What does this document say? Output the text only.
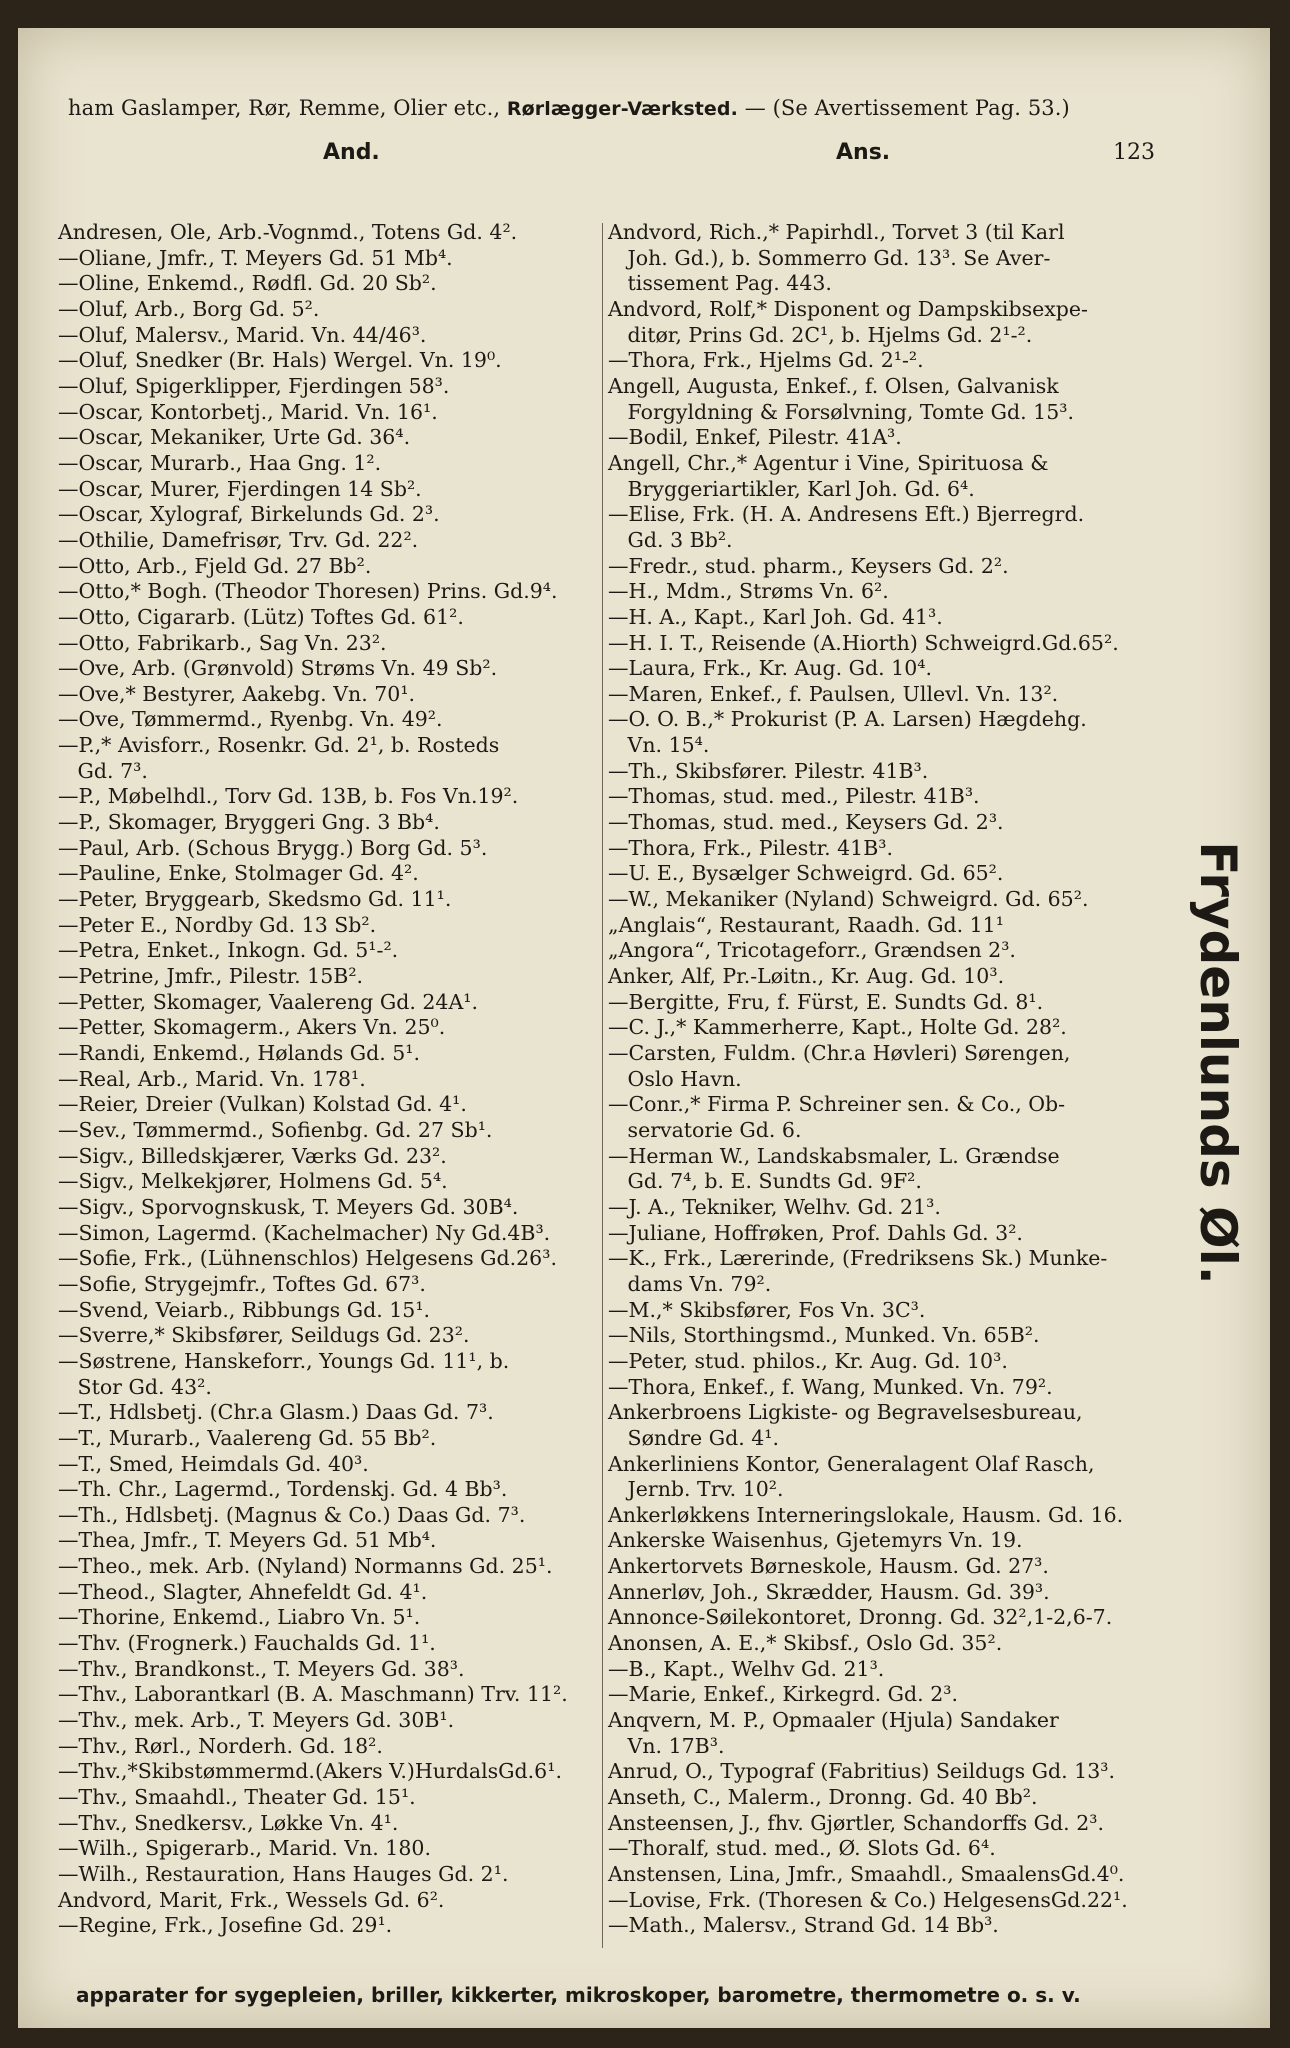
ham Gaslamper, Rør, Remme, Olier etc., Rørlægger-Værksted. — (Se Avertissement Pag. 53.)
And.	Ans.	123
Andresen, Ole, Arb.-Vognmd., Totens Gd. 4².
—Oliane, Jmfr., T. Meyers Gd. 51 Mb⁴.
—Oline, Enkemd., Rødfl. Gd. 20 Sb².
—Oluf, Arb., Borg Gd. 5².
—Oluf, Malersv., Marid. Vn. 44/46³.
—Oluf, Snedker (Br. Hals) Wergel. Vn. 19⁰.
—Oluf, Spigerklipper, Fjerdingen 58³.
—Oscar, Kontorbetj., Marid. Vn. 16¹.
—Oscar, Mekaniker, Urte Gd. 36⁴.
—Oscar, Murarb., Haa Gng. 1².
—Oscar, Murer, Fjerdingen 14 Sb².
—Oscar, Xylograf, Birkelunds Gd. 2³.
—Othilie, Damefrisør, Trv. Gd. 22².
—Otto, Arb., Fjeld Gd. 27 Bb².
—Otto,* Bogh. (Theodor Thoresen) Prins. Gd.9⁴.
—Otto, Cigararb. (Lütz) Toftes Gd. 61².
—Otto, Fabrikarb., Sag Vn. 23².
—Ove, Arb. (Grønvold) Strøms Vn. 49 Sb².
—Ove,* Bestyrer, Aakebg. Vn. 70¹.
—Ove, Tømmermd., Ryenbg. Vn. 49².
—P.,* Avisforr., Rosenkr. Gd. 2¹, b. Rosteds
Gd. 7³.
—P., Møbelhdl., Torv Gd. 13B, b. Fos Vn.19².
—P., Skomager, Bryggeri Gng. 3 Bb⁴.
—Paul, Arb. (Schous Brygg.) Borg Gd. 5³.
—Pauline, Enke, Stolmager Gd. 4².
—Peter, Bryggearb, Skedsmo Gd. 11¹.
—Peter E., Nordby Gd. 13 Sb².
—Petra, Enket., Inkogn. Gd. 5¹-².
—Petrine, Jmfr., Pilestr. 15B².
—Petter, Skomager, Vaalereng Gd. 24A¹.
—Petter, Skomagerm., Akers Vn. 25⁰.
—Randi, Enkemd., Hølands Gd. 5¹.
—Real, Arb., Marid. Vn. 178¹.
—Reier, Dreier (Vulkan) Kolstad Gd. 4¹.
—Sev., Tømmermd., Sofienbg. Gd. 27 Sb¹.
—Sigv., Billedskjærer, Værks Gd. 23².
—Sigv., Melkekjører, Holmens Gd. 5⁴.
—Sigv., Sporvognskusk, T. Meyers Gd. 30B⁴.
—Simon, Lagermd. (Kachelmacher) Ny Gd.4B³.
—Sofie, Frk., (Lühnenschlos) Helgesens Gd.26³.
—Sofie, Strygejmfr., Toftes Gd. 67³.
—Svend, Veiarb., Ribbungs Gd. 15¹.
—Sverre,* Skibsfører, Seildugs Gd. 23².
—Søstrene, Hanskeforr., Youngs Gd. 11¹, b.
Stor Gd. 43².
—T., Hdlsbetj. (Chr.a Glasm.) Daas Gd. 7³.
—T., Murarb., Vaalereng Gd. 55 Bb².
—T., Smed, Heimdals Gd. 40³.
—Th. Chr., Lagermd., Tordenskj. Gd. 4 Bb³.
—Th., Hdlsbetj. (Magnus & Co.) Daas Gd. 7³.
—Thea, Jmfr., T. Meyers Gd. 51 Mb⁴.
—Theo., mek. Arb. (Nyland) Normanns Gd. 25¹.
—Theod., Slagter, Ahnefeldt Gd. 4¹.
—Thorine, Enkemd., Liabro Vn. 5¹.
—Thv. (Frognerk.) Fauchalds Gd. 1¹.
—Thv., Brandkonst., T. Meyers Gd. 38³.
—Thv., Laborantkarl (B. A. Maschmann) Trv. 11².
—Thv., mek. Arb., T. Meyers Gd. 30B¹.
—Thv., Rørl., Norderh. Gd. 18².
—Thv.,*Skibstømmermd.(Akers V.)HurdalsGd.6¹.
—Thv., Smaahdl., Theater Gd. 15¹.
—Thv., Snedkersv., Løkke Vn. 4¹.
—Wilh., Spigerarb., Marid. Vn. 180.
—Wilh., Restauration, Hans Hauges Gd. 2¹.
Andvord, Marit, Frk., Wessels Gd. 6².
—Regine, Frk., Josefine Gd. 29¹.
Andvord, Rich.,* Papirhdl., Torvet 3 (til Karl
Joh. Gd.), b. Sommerro Gd. 13³. Se Aver-
tissement Pag. 443.
Andvord, Rolf,* Disponent og Dampskibsexpe-
ditør, Prins Gd. 2C¹, b. Hjelms Gd. 2¹-².
—Thora, Frk., Hjelms Gd. 2¹-².
Angell, Augusta, Enkef., f. Olsen, Galvanisk
Forgyldning & Forsølvning, Tomte Gd. 15³.
—Bodil, Enkef, Pilestr. 41A³.
Angell, Chr.,* Agentur i Vine, Spirituosa &
Bryggeriartikler, Karl Joh. Gd. 6⁴.
—Elise, Frk. (H. A. Andresens Eft.) Bjerregrd.
Gd. 3 Bb².
—Fredr., stud. pharm., Keysers Gd. 2².
—H., Mdm., Strøms Vn. 6².
—H. A., Kapt., Karl Joh. Gd. 41³.
—H. I. T., Reisende (A.Hiorth) Schweigrd.Gd.65².
—Laura, Frk., Kr. Aug. Gd. 10⁴.
—Maren, Enkef., f. Paulsen, Ullevl. Vn. 13².
—O. O. B.,* Prokurist (P. A. Larsen) Hægdehg.
Vn. 15⁴.
—Th., Skibsfører. Pilestr. 41B³.
—Thomas, stud. med., Pilestr. 41B³.
—Thomas, stud. med., Keysers Gd. 2³.
—Thora, Frk., Pilestr. 41B³.
—U. E., Bysælger Schweigrd. Gd. 65².
—W., Mekaniker (Nyland) Schweigrd. Gd. 65².
„Anglais“, Restaurant, Raadh. Gd. 11¹
„Angora“, Tricotageforr., Grændsen 2³.
Anker, Alf, Pr.-Løitn., Kr. Aug. Gd. 10³.
—Bergitte, Fru, f. Fürst, E. Sundts Gd. 8¹.
—C. J.,* Kammerherre, Kapt., Holte Gd. 28².
—Carsten, Fuldm. (Chr.a Høvleri) Sørengen,
Oslo Havn.
—Conr.,* Firma P. Schreiner sen. & Co., Ob-
servatorie Gd. 6.
—Herman W., Landskabsmaler, L. Grændse
Gd. 7⁴, b. E. Sundts Gd. 9F².
—J. A., Tekniker, Welhv. Gd. 21³.
—Juliane, Hoffrøken, Prof. Dahls Gd. 3².
—K., Frk., Lærerinde, (Fredriksens Sk.) Munke-
dams Vn. 79².
—M.,* Skibsfører, Fos Vn. 3C³.
—Nils, Storthingsmd., Munked. Vn. 65B².
—Peter, stud. philos., Kr. Aug. Gd. 10³.
—Thora, Enkef., f. Wang, Munked. Vn. 79².
Ankerbroens Ligkiste- og Begravelsesbureau,
Søndre Gd. 4¹.
Ankerliniens Kontor, Generalagent Olaf Rasch,
Jernb. Trv. 10².
Ankerløkkens Interneringslokale, Hausm. Gd. 16.
Ankerske Waisenhus, Gjetemyrs Vn. 19.
Ankertorvets Børneskole, Hausm. Gd. 27³.
Annerløv, Joh., Skrædder, Hausm. Gd. 39³.
Annonce-Søilekontoret, Dronng. Gd. 32²,1-2,6-7.
Anonsen, A. E.,* Skibsf., Oslo Gd. 35².
—B., Kapt., Welhv Gd. 21³.
—Marie, Enkef., Kirkegrd. Gd. 2³.
Anqvern, M. P., Opmaaler (Hjula) Sandaker
Vn. 17B³.
Anrud, O., Typograf (Fabritius) Seildugs Gd. 13³.
Anseth, C., Malerm., Dronng. Gd. 40 Bb².
Ansteensen, J., fhv. Gjørtler, Schandorffs Gd. 2³.
—Thoralf, stud. med., Ø. Slots Gd. 6⁴.
Anstensen, Lina, Jmfr., Smaahdl., SmaalensGd.4⁰.
—Lovise, Frk. (Thoresen & Co.) HelgesensGd.22¹.
—Math., Malersv., Strand Gd. 14 Bb³.
Frydenlunds Øl.
apparater for sygepleien, briller, kikkerter, mikroskoper, barometre, thermometre o. s. v.
